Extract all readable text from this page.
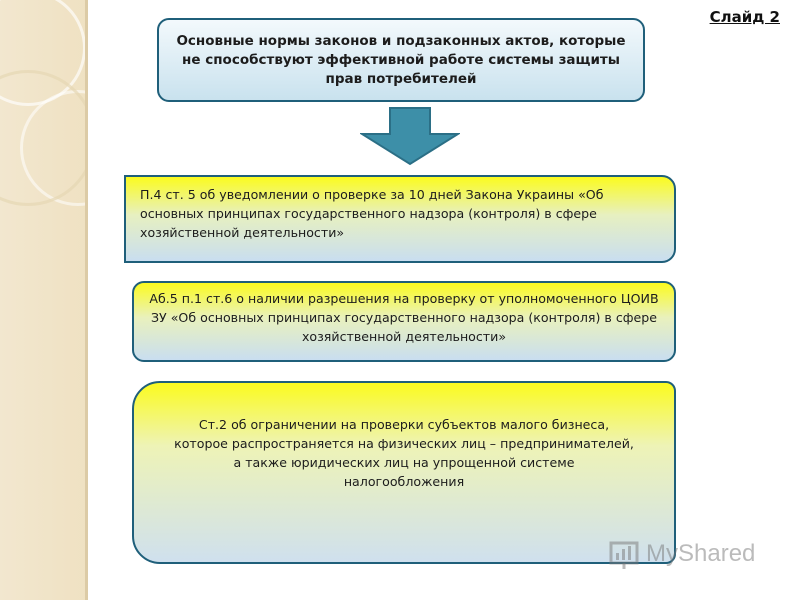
Слайд 2
Основные нормы законов и подзаконных актов, которые не способствуют эффективной работе системы защиты прав потребителей
П.4 ст. 5 об уведомлении о проверке за 10 дней Закона Украины «Об основных принципах государственного надзора (контроля) в сфере хозяйственной деятельности»
Аб.5 п.1 ст.6 о наличии разрешения на проверку от уполномоченного ЦОИВ ЗУ «Об основных принципах государственного надзора (контроля) в сфере хозяйственной деятельности»
Ст.2 об ограничении на проверки субъектов малого бизнеса, которое распространяется на физических лиц – предпринимателей, а также юридических лиц на упрощенной системе налогообложения
MyShared
